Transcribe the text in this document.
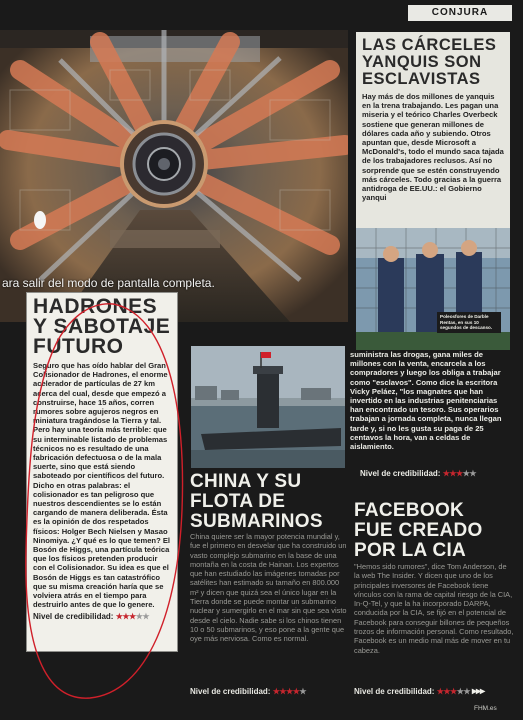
CONJURA
ara salir del modo de pantalla completa.
HADRONES
Y SABOTAJE
FUTURO

Seguro que has oído hablar del Gran Colisionador de Hadrones, el enorme acelerador de partículas de 27 km acerca del cual, desde que empezó a construirse, hace 15 años, corren rumores sobre agujeros negros en miniatura tragándose la Tierra y tal. Pero hay una teoría más terrible: que su interminable listado de problemas técnicos no es resultado de una fabricación defectuosa o de la mala suerte, sino que está siendo saboteado por científicos del futuro. Dicho en otras palabras: el colisionador es tan peligroso que nuestros descendientes se lo están cargando de manera deliberada. Ésta es la opinión de dos respetados físicos: Holger Bech Nielsen y Masao Ninomiya. ¿Y qué es lo que temen? El Bosón de Higgs, una partícula teórica que los físicos pretenden producir con el Colisionador. Su idea es que el Bosón de Higgs es tan catastrófico que su misma creación haría que se volviera atrás en el tiempo para destruirlo antes de que lo genere.

Nivel de credibilidad: ★★★★★
CHINA Y SU
FLOTA DE
SUBMARINOS

China quiere ser la mayor potencia mundial y, fue el primero en desvelar que ha construido un vasto complejo submarino en la base de una montaña en la costa de Hainan. Los expertos que han estudiado las imágenes tomadas por satélites han estimado su tamaño en 800.000 m² y dicen que quizá sea el único lugar en la Tierra donde se puede montar un submarino nuclear y sumergirlo en el mar sin que sea visto desde el cielo. Nadie sabe si los chinos tienen 10 o 50 submarinos, y eso pone a la gente que oye más nerviosa. Como es normal.

Nivel de credibilidad: ★★★★★
LAS CÁRCELES
YANQUIS SON
ESCLAVISTAS

Hay más de dos millones de yanquis en la trena trabajando. Les pagan una miseria y el teórico Charles Overbeck sostiene que generan millones de dólares cada año y subiendo. Otros apuntan que, desde Microsoft a McDonald's, todo el mundo saca tajada de los trabajadores reclusos. Así no sorprende que se estén construyendo más cárceles. Todo gracias a la guerra antidroga de EE.UU.: el Gobierno yanqui

Poleosfores de Darble Rentas, en sus 10 segundos de descanso.

suministra las drogas, gana miles de millones con la venta, encarcela a los compradores y luego los obliga a trabajar como "esclavos". Como dice la escritora Vicky Peláez, "los magnates que han invertido en las industrias penitenciarias han encontrado un tesoro. Sus operarios trabajan a jornada completa, nunca llegan tarde y, si no les gusta su paga de 25 centavos la hora, van a celdas de aislamiento.

Nivel de credibilidad: ★★★★★
FACEBOOK
FUE CREADO
POR LA CIA

"Hemos sido rumores", dice Tom Anderson, de la web The Insider. Y dicen que uno de los principales inversores de Facebook tiene vínculos con la rama de capital riesgo de la CIA, In-Q-Tel, y que la ha incorporado DARPA, conducida por la CIA, se fijó en el potencial de Facebook para conseguir billones de pequeños trozos de información personal. Como resultado, Facebook es un medio mal más de mover en tu cabeza.

Nivel de credibilidad: ★★★★★ ▸▸▸
FHM.es
